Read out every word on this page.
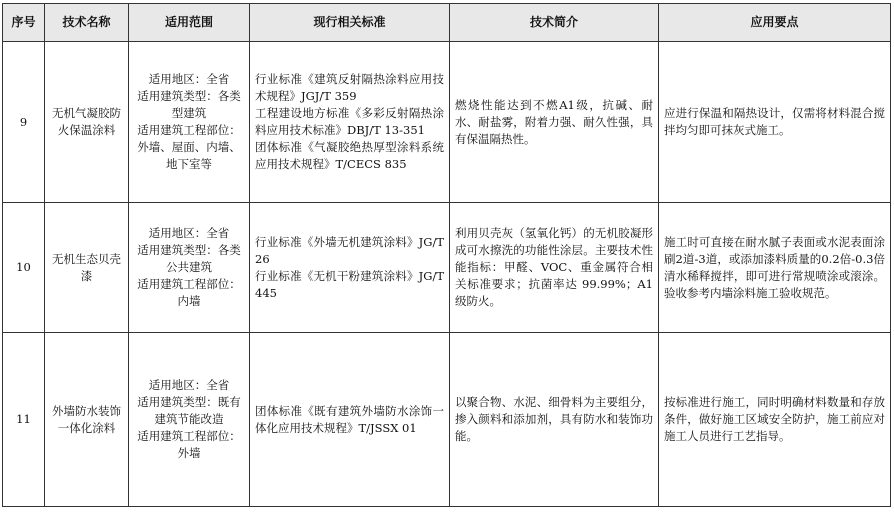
序号	技术名称	适用范围	现行相关标准	技术简介	应用要点
9	无机气凝胶防火保温涂料	适用地区：全省
适用建筑类型：各类型建筑
适用建筑工程部位：外墙、屋面、内墙、地下室等	行业标准《建筑反射隔热涂料应用技术规程》JGJ/T 359
工程建设地方标准《多彩反射隔热涂料应用技术标准》DBJ/T 13-351
团体标准《气凝胶绝热厚型涂料系统应用技术规程》T/CECS 835	燃烧性能达到不燃A1级，抗碱、耐水、耐盐雾，附着力强、耐久性强，具有保温隔热性。	应进行保温和隔热设计，仅需将材料混合搅拌均匀即可抹灰式施工。
10	无机生态贝壳漆	适用地区：全省
适用建筑类型：各类公共建筑
适用建筑工程部位：内墙	行业标准《外墙无机建筑涂料》JG/T 26
行业标准《无机干粉建筑涂料》JG/T 445	利用贝壳灰（氢氧化钙）的无机胶凝形成可水擦洗的功能性涂层。主要技术性能指标：甲醛、VOC、重金属符合相关标准要求；抗菌率达 99.99%；A1级防火。	施工时可直接在耐水腻子表面或水泥表面涂刷2道-3道，或添加漆料质量的0.2倍-0.3倍清水稀释搅拌，即可进行常规喷涂或滚涂。验收参考内墙涂料施工验收规范。
11	外墙防水装饰一体化涂料	适用地区：全省
适用建筑类型：既有建筑节能改造
适用建筑工程部位：外墙	团体标准《既有建筑外墙防水涂饰一体化应用技术规程》T/JSSX 01	以聚合物、水泥、细骨料为主要组分，掺入颜料和添加剂，具有防水和装饰功能。	按标准进行施工，同时明确材料数量和存放条件，做好施工区域安全防护，施工前应对施工人员进行工艺指导。
